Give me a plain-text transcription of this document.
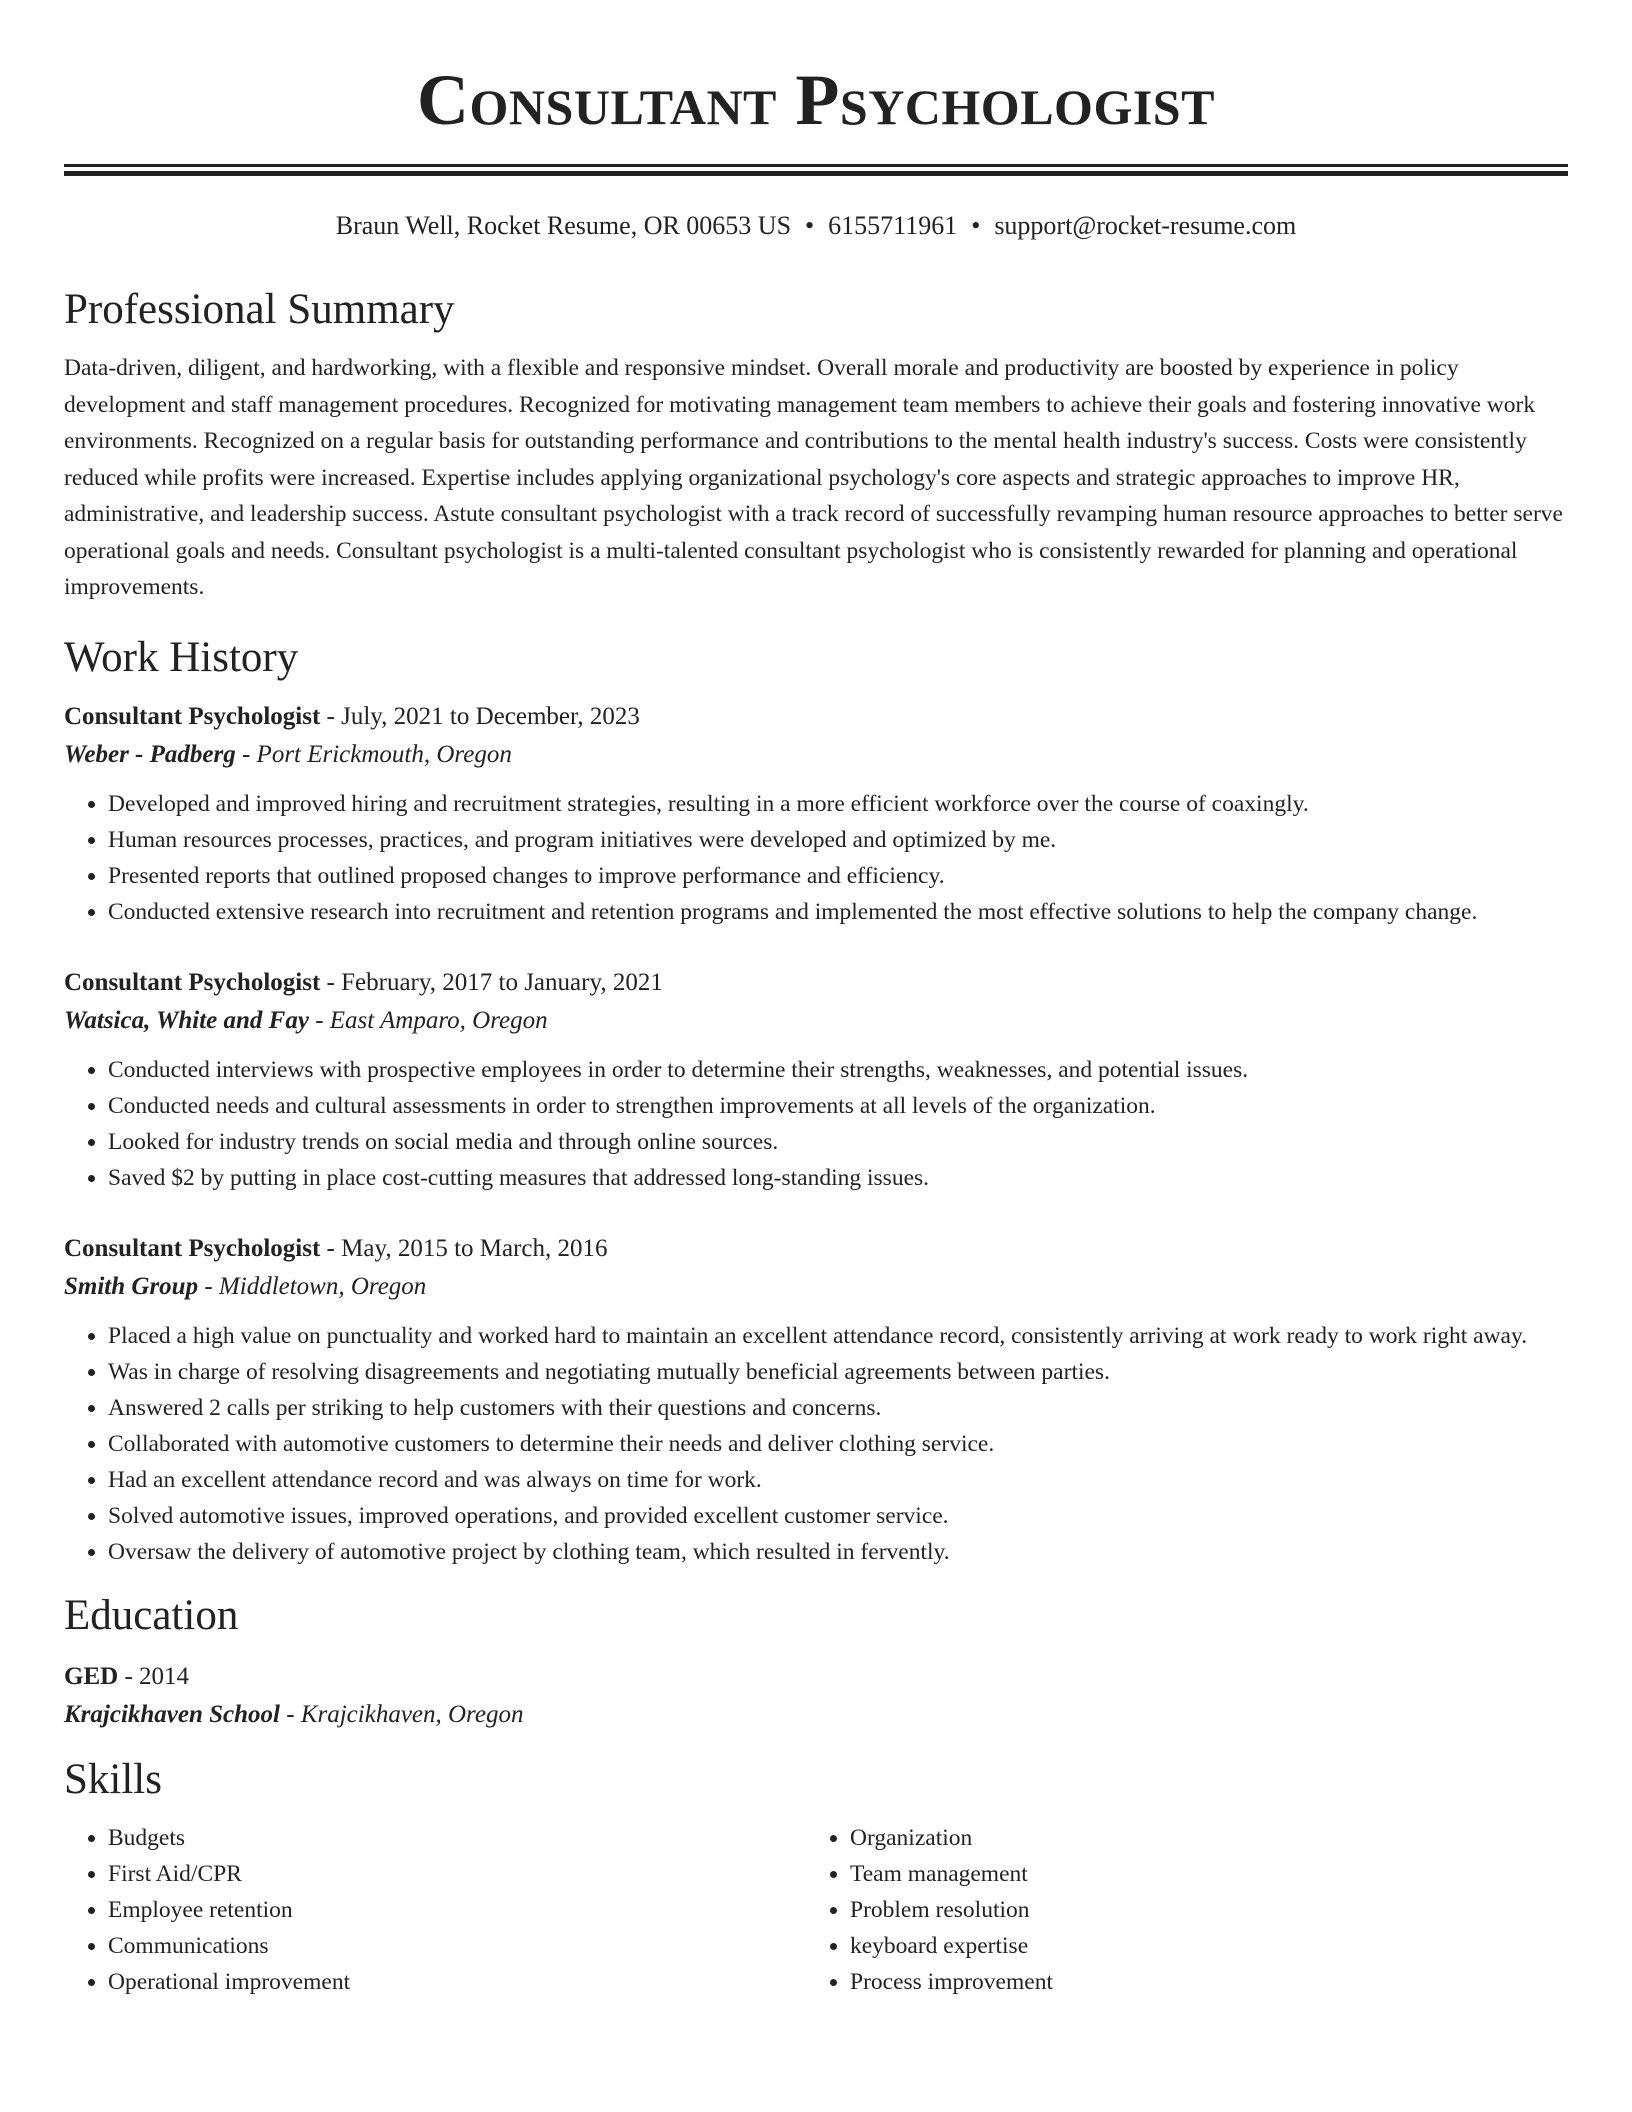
Consultant Psychologist
Braun Well, Rocket Resume, OR 00653 US • 6155711961 • support@rocket-resume.com
Professional Summary
Data-driven, diligent, and hardworking, with a flexible and responsive mindset. Overall morale and productivity are boosted by experience in policy development and staff management procedures. Recognized for motivating management team members to achieve their goals and fostering innovative work environments. Recognized on a regular basis for outstanding performance and contributions to the mental health industry's success. Costs were consistently reduced while profits were increased. Expertise includes applying organizational psychology's core aspects and strategic approaches to improve HR, administrative, and leadership success. Astute consultant psychologist with a track record of successfully revamping human resource approaches to better serve operational goals and needs. Consultant psychologist is a multi-talented consultant psychologist who is consistently rewarded for planning and operational improvements.
Work History
Consultant Psychologist - July, 2021 to December, 2023
Weber - Padberg - Port Erickmouth, Oregon
• Developed and improved hiring and recruitment strategies, resulting in a more efficient workforce over the course of coaxingly.
• Human resources processes, practices, and program initiatives were developed and optimized by me.
• Presented reports that outlined proposed changes to improve performance and efficiency.
• Conducted extensive research into recruitment and retention programs and implemented the most effective solutions to help the company change.
Consultant Psychologist - February, 2017 to January, 2021
Watsica, White and Fay - East Amparo, Oregon
• Conducted interviews with prospective employees in order to determine their strengths, weaknesses, and potential issues.
• Conducted needs and cultural assessments in order to strengthen improvements at all levels of the organization.
• Looked for industry trends on social media and through online sources.
• Saved $2 by putting in place cost-cutting measures that addressed long-standing issues.
Consultant Psychologist - May, 2015 to March, 2016
Smith Group - Middletown, Oregon
• Placed a high value on punctuality and worked hard to maintain an excellent attendance record, consistently arriving at work ready to work right away.
• Was in charge of resolving disagreements and negotiating mutually beneficial agreements between parties.
• Answered 2 calls per striking to help customers with their questions and concerns.
• Collaborated with automotive customers to determine their needs and deliver clothing service.
• Had an excellent attendance record and was always on time for work.
• Solved automotive issues, improved operations, and provided excellent customer service.
• Oversaw the delivery of automotive project by clothing team, which resulted in fervently.
Education
GED - 2014
Krajcikhaven School - Krajcikhaven, Oregon
Skills
• Budgets
• First Aid/CPR
• Employee retention
• Communications
• Operational improvement
• Organization
• Team management
• Problem resolution
• keyboard expertise
• Process improvement
